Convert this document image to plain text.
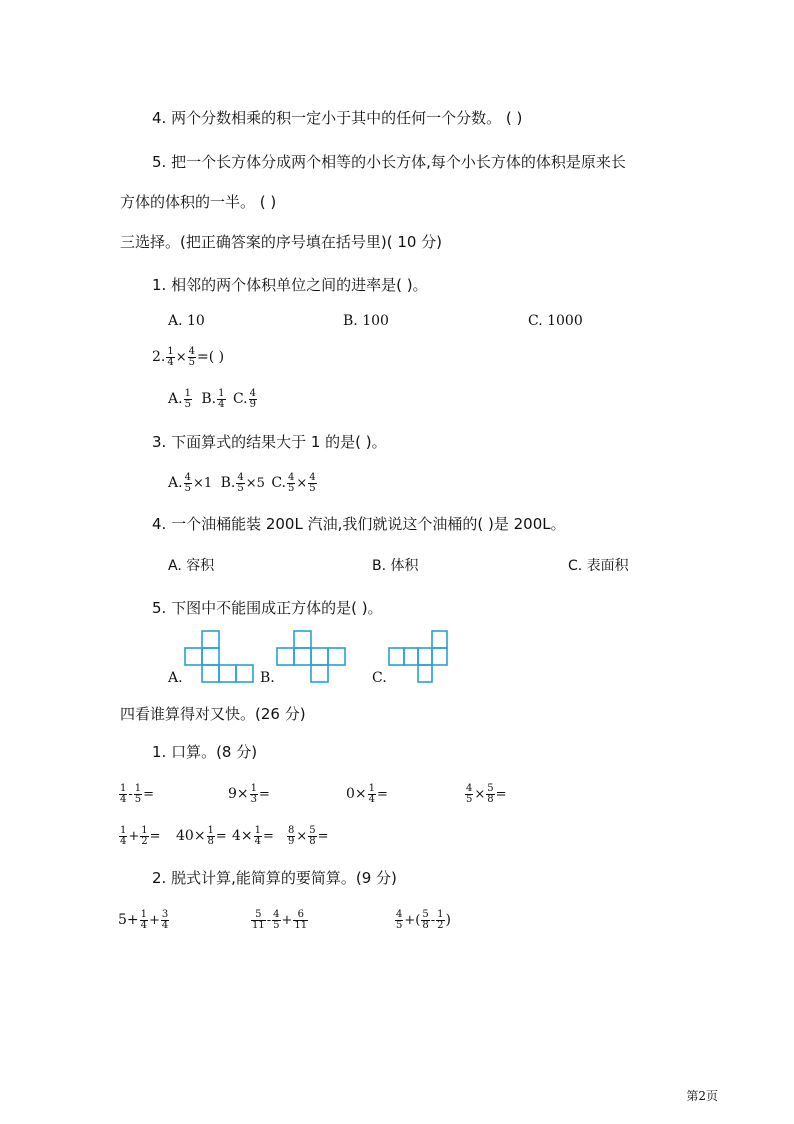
4. 两个分数相乘的积一定小于其中的任何一个分数。 ( )
5. 把一个长方体分成两个相等的小长方体,每个小长方体的体积是原来长
方体的体积的一半。 ( )
三选择。(把正确答案的序号填在括号里)( 10 分)
1. 相邻的两个体积单位之间的进率是( )。
A. 10	B. 100	C. 1000
2. $\frac{1}{4} \times \frac{4}{5}$ =( )
A. $\frac{1}{5} B$. $\frac{1}{4} C$. $\frac{4}{9}$
3. 下面算式的结果大于 1 的是( )。
A. $\frac{4}{5} \times 1$ B. $\frac{4}{5} \times 5$ C. $\frac{4}{5} \times \frac{4}{5}$
4. 一个油桶能装 200L 汽油,我们就说这个油桶的( )是 200L。
A. 容积	B. 体积	C. 表面积
5. 下图中不能围成正方体的是( )。
A.	B.	C.
四看谁算得对又快。(26 分)
1. 口算。(8 分)
$\frac{1}{4} - \frac{1}{5}$ =	$9\times \frac{1}{3}$ =	$0\times \frac{1}{4}$ =	$\frac{4}{5} \times \frac{5}{8}$ =
$\frac{1}{4} + \frac{1}{2} = 40\times \frac{1}{8} = 4\times \frac{1}{4} = \frac{8}{9} \times \frac{5}{8}$ =
2. 脱式计算,能简算的要简算。(9 分)
$5+ \frac{1}{4} + \frac{3}{4}$	$\frac{5}{11} - \frac{4}{5} + \frac{6}{11}$	$\frac{4}{5}$ +( $\frac{5}{8} - \frac{1}{2}$ )
第2页
